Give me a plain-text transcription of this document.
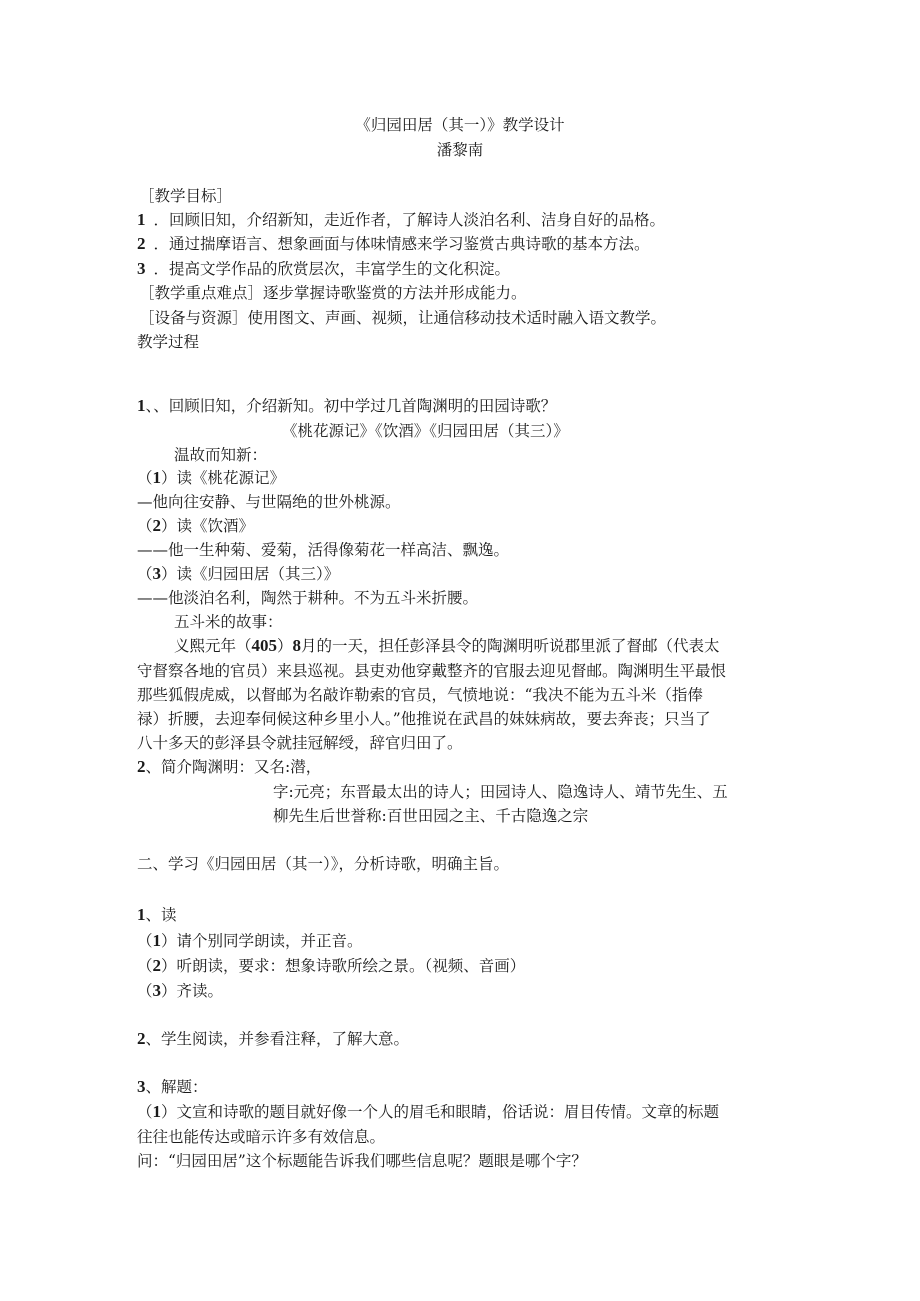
《归园田居（其一）》教学设计
潘黎南
［教学目标］
1 ．回顾旧知，介绍新知，走近作者，了解诗人淡泊名利、洁身自好的品格。
2 ．通过揣摩语言、想象画面与体味情感来学习鉴赏古典诗歌的基本方法。
3 ．提高文学作品的欣赏层次，丰富学生的文化积淀。
［教学重点难点］逐步掌握诗歌鉴赏的方法并形成能力。
［设备与资源］使用图文、声画、视频，让通信移动技术适时融入语文教学。
教学过程
1、、回顾旧知，介绍新知。初中学过几首陶渊明的田园诗歌？
《桃花源记》《饮酒》《归园田居（其三）》
温故而知新：
（1）读《桃花源记》
—他向往安静、与世隔绝的世外桃源。
（2）读《饮酒》
——他一生种菊、爱菊，活得像菊花一样高洁、飘逸。
（3）读《归园田居（其三）》
——他淡泊名利，陶然于耕种。不为五斗米折腰。
五斗米的故事：
义熙元年（405）8月的一天，担任彭泽县令的陶渊明听说郡里派了督邮（代表太
守督察各地的官员）来县巡视。县吏劝他穿戴整齐的官服去迎见督邮。陶渊明生平最恨
那些狐假虎威，以督邮为名敲诈勒索的官员，气愤地说：“我决不能为五斗米（指俸
禄）折腰，去迎奉伺候这种乡里小人。”他推说在武昌的妹妹病故，要去奔丧；只当了
八十多天的彭泽县令就挂冠解绶，辞官归田了。
2、简介陶渊明：又名:潜，
字:元亮；东晋最太出的诗人；田园诗人、隐逸诗人、靖节先生、五
柳先生后世誉称:百世田园之主、千古隐逸之宗
二、学习《归园田居（其一）》，分析诗歌，明确主旨。
1、读
（1）请个别同学朗读，并正音。
（2）听朗读，要求：想象诗歌所绘之景。（视频、音画）
（3）齐读。
2、学生阅读，并参看注释，了解大意。
3、解题：
（1）文宣和诗歌的题目就好像一个人的眉毛和眼睛，俗话说：眉目传情。文章的标题
往往也能传达或暗示许多有效信息。
问：“归园田居”这个标题能告诉我们哪些信息呢？题眼是哪个字？
